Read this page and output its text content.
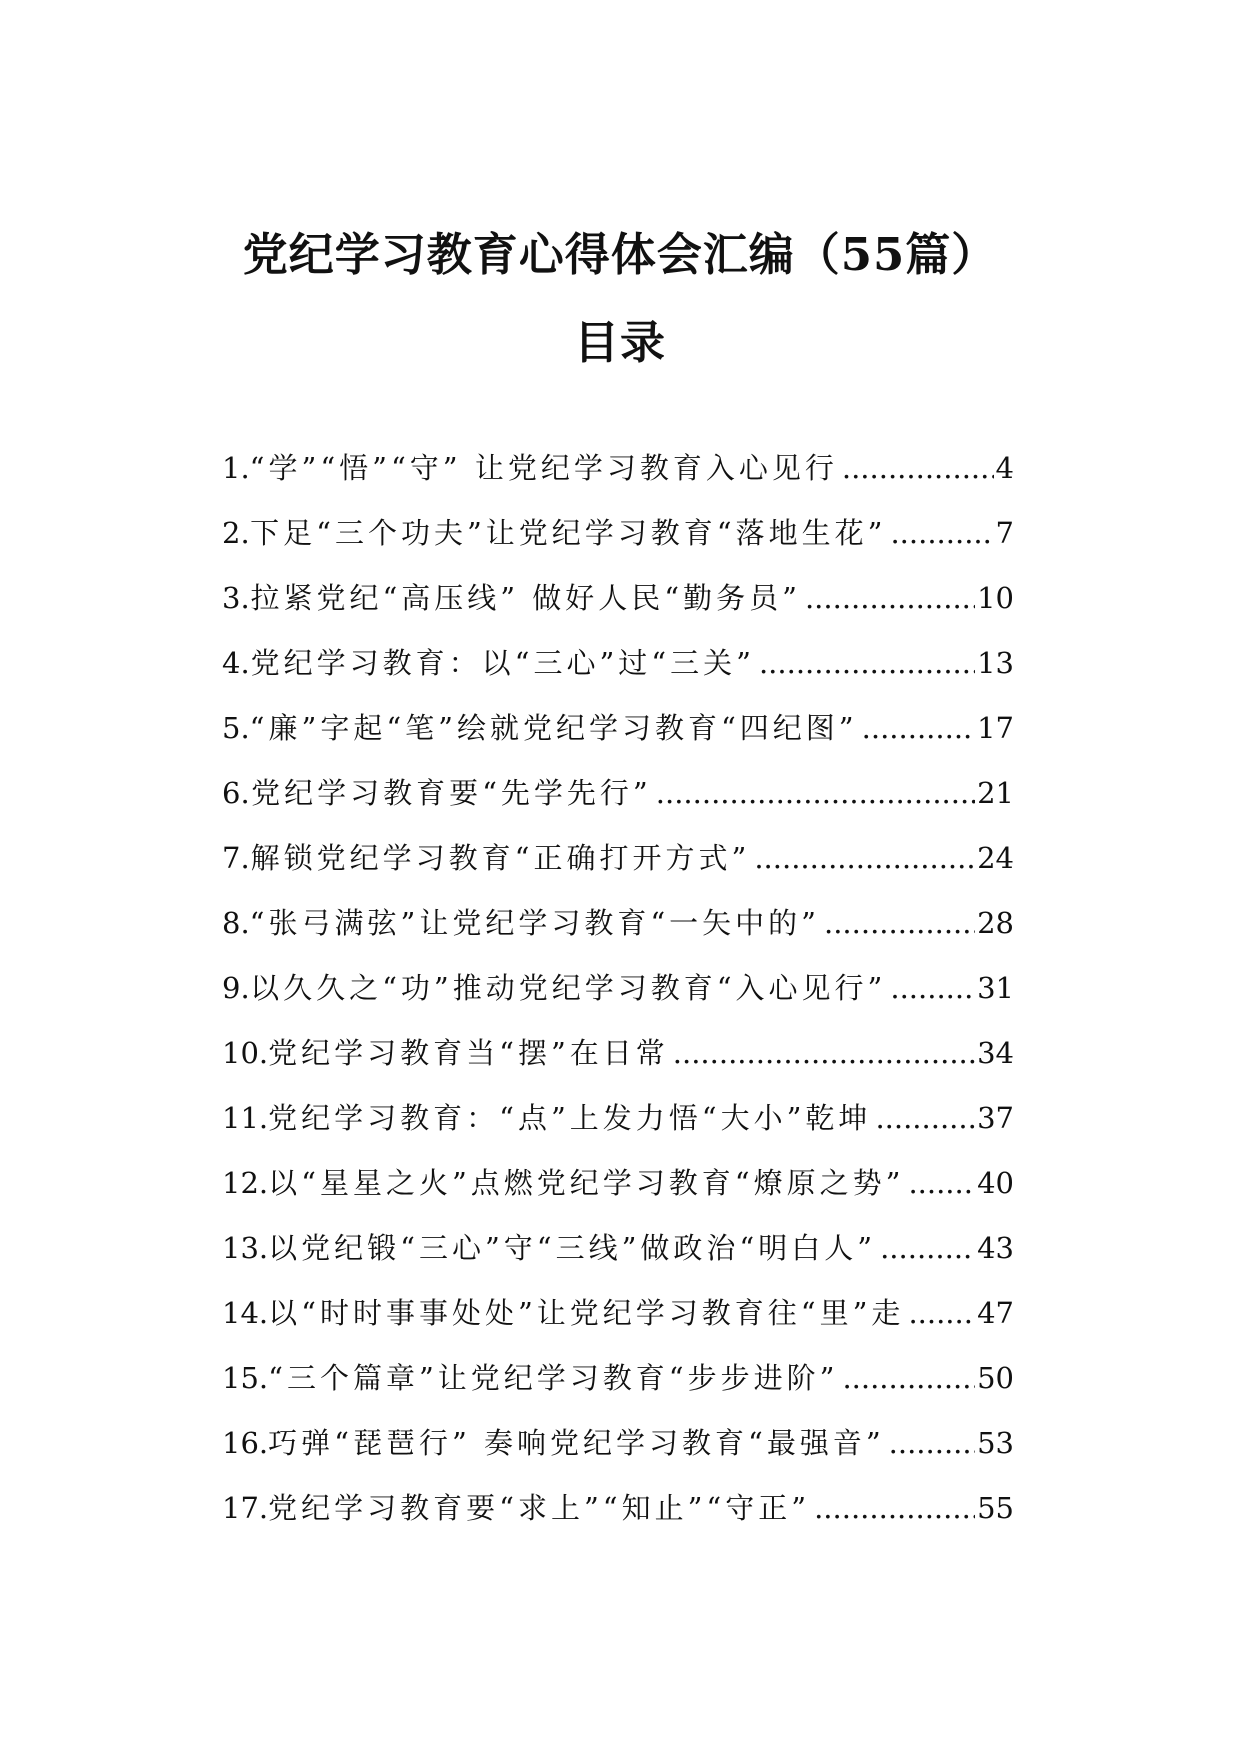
党纪学习教育心得体会汇编（55篇）
目录
1. “学”“悟”“守” 让党纪学习教育入心见行 .....	4
2. 下足“三个功夫”让党纪学习教育“落地生花” .....	7
3. 拉紧党纪“高压线” 做好人民“勤务员” .....	10
4. 党纪学习教育：以“三心”过“三关” .....	13
5. “廉”字起“笔”绘就党纪学习教育“四纪图” .....	17
6. 党纪学习教育要“先学先行” .....	21
7. 解锁党纪学习教育“正确打开方式” .....	24
8. “张弓满弦”让党纪学习教育“一矢中的” .....	28
9. 以久久之“功”推动党纪学习教育“入心见行” .....	31
10. 党纪学习教育当“摆”在日常 .....	34
11. 党纪学习教育：“点”上发力悟“大小”乾坤 .....	37
12. 以“星星之火”点燃党纪学习教育“燎原之势” .....	40
13. 以党纪锻“三心”守“三线”做政治“明白人” .....	43
14. 以“时时事事处处”让党纪学习教育往“里”走 .....	47
15. “三个篇章”让党纪学习教育“步步进阶” .....	50
16. 巧弹“琵琶行” 奏响党纪学习教育“最强音” .....	53
17. 党纪学习教育要“求上”“知止”“守正” .....	55
